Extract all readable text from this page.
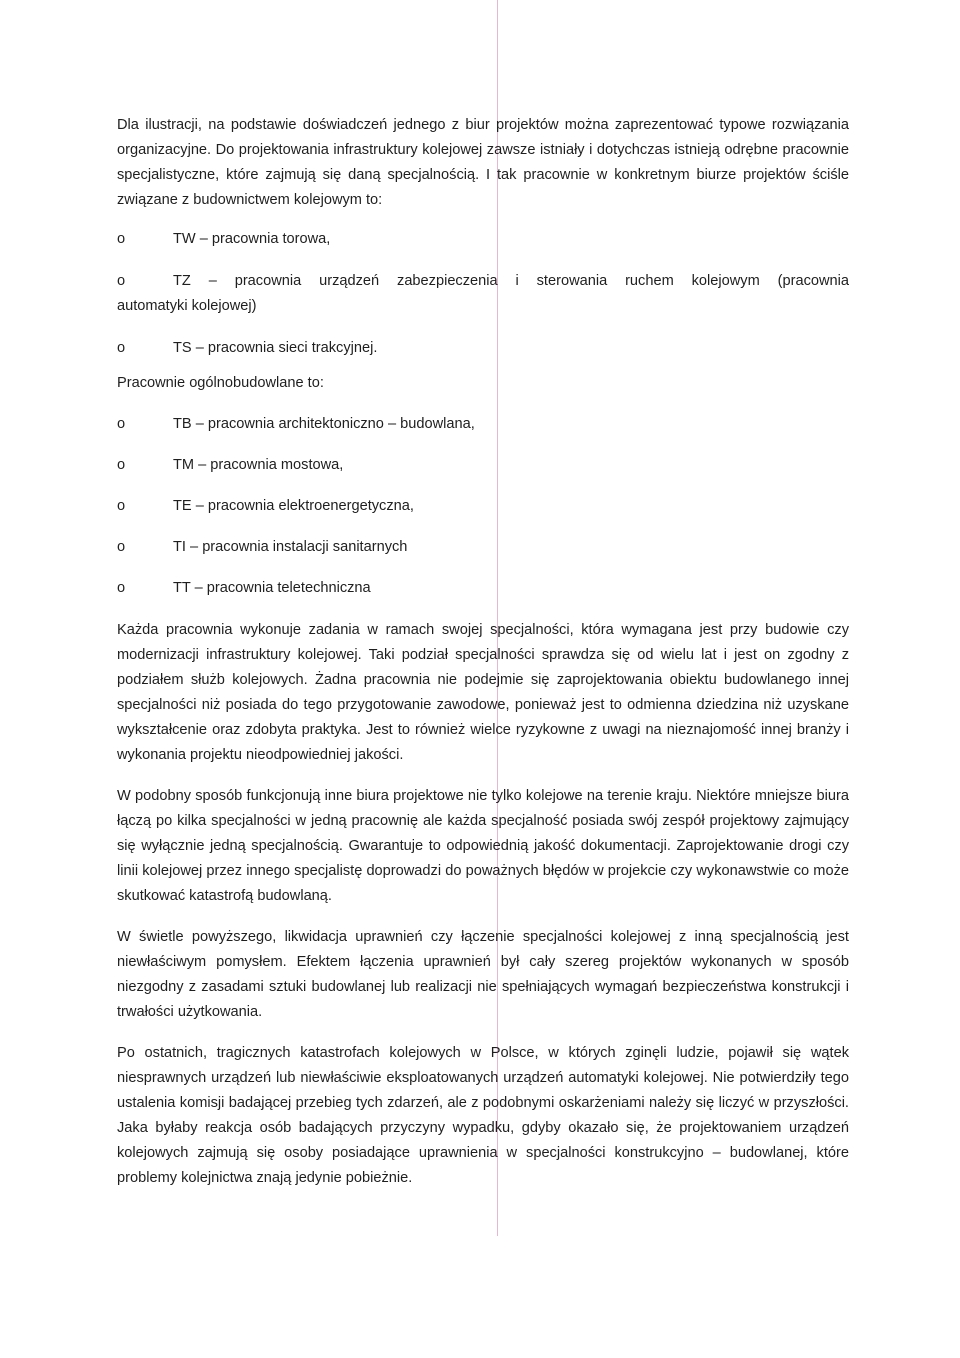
Dla ilustracji, na podstawie doświadczeń jednego z biur projektów można zaprezentować typowe rozwiązania organizacyjne. Do projektowania infrastruktury kolejowej zawsze istniały i dotychczas istnieją odrębne pracownie specjalistyczne, które zajmują się daną specjalnością. I tak pracownie w konkretnym biurze projektów ściśle związane z budownictwem kolejowym to:

o	TW – pracownia torowa,
o	TZ – pracownia urządzeń zabezpieczenia i sterowania ruchem kolejowym (pracownia
automatyki kolejowej)
o	TS – pracownia sieci trakcyjnej.

Pracownie ogólnobudowlane to:

o	TB – pracownia architektoniczno – budowlana,
o	TM – pracownia mostowa,
o	TE – pracownia elektroenergetyczna,
o	TI – pracownia instalacji sanitarnych
o	TT – pracownia teletechniczna

Każda pracownia wykonuje zadania w ramach swojej specjalności, która wymagana jest przy budowie czy modernizacji infrastruktury kolejowej. Taki podział specjalności sprawdza się od wielu lat i jest on zgodny z podziałem służb kolejowych. Żadna pracownia nie podejmie się zaprojektowania obiektu budowlanego innej specjalności niż posiada do tego przygotowanie zawodowe, ponieważ jest to odmienna dziedzina niż uzyskane wykształcenie oraz zdobyta praktyka. Jest to również wielce ryzykowne z uwagi na nieznajomość innej branży i wykonania projektu nieodpowiedniej jakości.

W podobny sposób funkcjonują inne biura projektowe nie tylko kolejowe na terenie kraju. Niektóre mniejsze biura łączą po kilka specjalności w jedną pracownię ale każda specjalność posiada swój zespół projektowy zajmujący się wyłącznie jedną specjalnością. Gwarantuje to odpowiednią jakość dokumentacji. Zaprojektowanie drogi czy linii kolejowej przez innego specjalistę doprowadzi do poważnych błędów w projekcie czy wykonawstwie co może skutkować katastrofą budowlaną.

W świetle powyższego, likwidacja uprawnień czy łączenie specjalności kolejowej z inną specjalnością jest niewłaściwym pomysłem. Efektem łączenia uprawnień był cały szereg projektów wykonanych w sposób niezgodny z zasadami sztuki budowlanej lub realizacji nie spełniających wymagań bezpieczeństwa konstrukcji i trwałości użytkowania.

Po ostatnich, tragicznych katastrofach kolejowych w Polsce, w których zginęli ludzie, pojawił się wątek niesprawnych urządzeń lub niewłaściwie eksploatowanych urządzeń automatyki kolejowej. Nie potwierdziły tego ustalenia komisji badającej przebieg tych zdarzeń, ale z podobnymi oskarżeniami należy się liczyć w przyszłości. Jaka byłaby reakcja osób badających przyczyny wypadku, gdyby okazało się, że projektowaniem urządzeń kolejowych zajmują się osoby posiadające uprawnienia w specjalności konstrukcyjno – budowlanej, które problemy kolejnictwa znają jedynie pobieżnie.
